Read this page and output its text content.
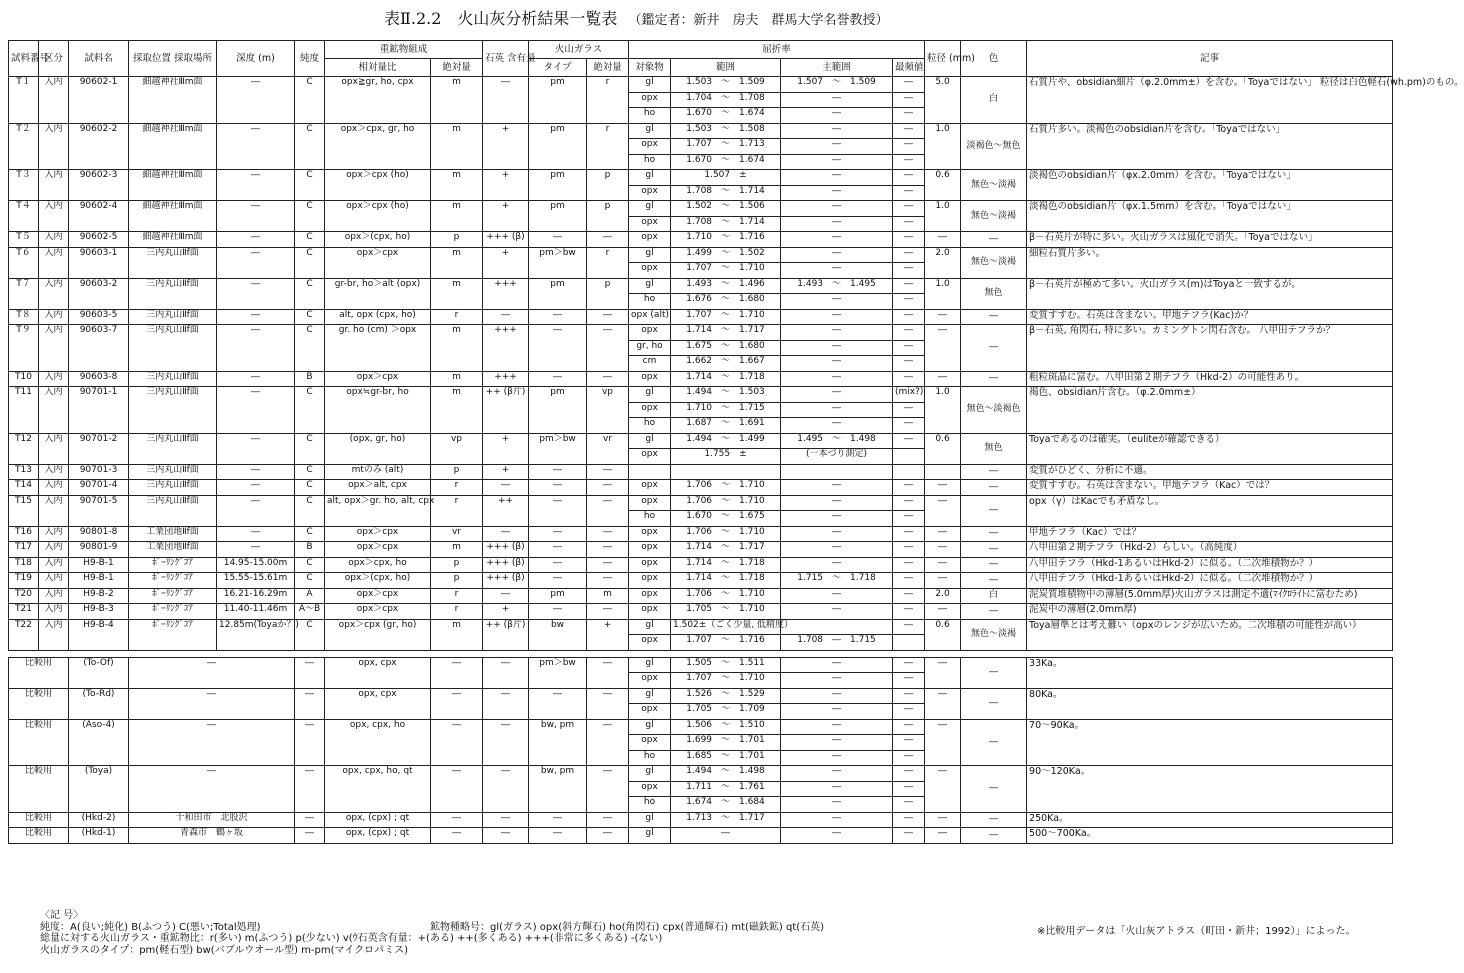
表Ⅱ.2.2　火山灰分析結果一覧表 （鑑定者：新井　房夫　群馬大学名誉教授）
試料番号	区分	試料名	採取位置 採取場所	深度 (m)	純度	重鉱物組成		石英 含有量	火山ガラス		屈折率				粒径 (mm)	色	記事
						相対量比	絶対量		タイプ	絶対量	対象物	範囲	主範囲	最頻値			
T１	入内	90602-1	細越神社Ⅲm面	―	C	opx≧gr, ho, cpx	m	―	pm	r	gl	1.503　～　1.509	1.507　～　1.509	―	5.0	白	石質片や、obsidian細片（φ.2.0mm±）を含む。「Toyaではない」 粒径は白色軽石(wh.pm)のもの。
											opx	1.704　～　1.708	―	―			
											ho	1.670　～　1.674	―	―			
T２	入内	90602-2	細越神社Ⅲm面	―	C	opx＞cpx, gr, ho	m	+	pm	r	gl	1.503　～　1.508	―	―	1.0	淡褐色～無色	石質片多い。淡褐色のobsidian片を含む。「Toyaではない」
											opx	1.707　～　1.713	―	―			
											ho	1.670　～　1.674	―	―			
T３	入内	90602-3	細越神社Ⅲm面	―	C	opx＞cpx (ho)	m	+	pm	p	gl	1.507　±	―	―	0.6	無色～淡褐	淡褐色のobsidian片（φx.2.0mm）を含む。「Toyaではない」
											opx	1.708　～　1.714	―	―			
T４	入内	90602-4	細越神社Ⅲm面	―	C	opx＞cpx (ho)	m	+	pm	p	gl	1.502　～　1.506	―	―	1.0	無色～淡褐	淡褐色のobsidian片（φx.1.5mm）を含む。「Toyaではない」
											opx	1.708　～　1.714	―	―			
T５	入内	90602-5	細越神社Ⅲm面	―	C	opx＞(cpx, ho)	p	+++ (β)	―	―	opx	1.710　～　1.716	―	―	―	―	β－石英片が特に多い。火山ガラスは風化で消失。「Toyaではない」
T６	入内	90603-1	三内丸山Ⅱf面	―	C	opx＞cpx	m	+	pm＞bw	r	gl	1.499　～　1.502	―	―	2.0	無色～淡褐	細粒石質片多い。
											opx	1.707　～　1.710	―	―			
T７	入内	90603-2	三内丸山Ⅱf面	―	C	gr-br, ho＞alt (opx)	m	+++	pm	p	gl	1.493　～　1.496	1.493　～　1.495	―	1.0	無色	β－石英片が極めて多い。火山ガラス(m)はToyaと一致するが。
											ho	1.676　～　1.680	―	―			
T８	入内	90603-5	三内丸山Ⅱf面	―	C	alt, opx (cpx, ho)	r	―	―	―	opx (alt)	1.707　～　1.710	―	―	―	―	変質すすむ。石英は含まない。甲地テフラ(Kac)か？
T９	入内	90603-7	三内丸山Ⅱf面	―	C	gr. ho (cm) ＞opx	m	+++	―	―	opx	1.714　～　1.717	―	―	―	―	β－石英, 角閃石, 特に多い。カミングトン閃石含む。 八甲田テフラか？
											gr, ho	1.675　～　1.680	―	―			
											cm	1.662　～　1.667	―	―			
T10	入内	90603-8	三内丸山Ⅱf面	―	B	opx＞cpx	m	+++	―	―	opx	1.714　～　1.718	―	―	―	―	粗粒斑晶に富む。八甲田第２期テフラ（Hkd-2）の可能性あり。
T11	入内	90701-1	三内丸山Ⅱf面	―	C	opx≒gr-br, ho	m	++ (β片)	pm	vp	gl	1.494　～　1.503	―	(mix?)	1.0	無色～淡褐色	褐色、obsidian片含む。（φ.2.0mm±）
											opx	1.710　～　1.715	―	―			
											ho	1.687　～　1.691	―	―			
T12	入内	90701-2	三内丸山Ⅱf面	―	C	(opx, gr, ho)	vp	+	pm＞bw	vr	gl	1.494　～　1.499	1.495　～　1.498	―	0.6	無色	Toyaであるのは確実。（euliteが確認できる）
											opx	1.755　±	(一本づり測定)				
T13	入内	90701-3	三内丸山Ⅱf面	―	C	mtのみ (alt)	p	+	―	―						―	変質がひどく、分析に不適。
T14	入内	90701-4	三内丸山Ⅱf面	―	C	opx＞alt, cpx	r	―	―	―	opx	1.706　～　1.710	―	―	―	―	変質すすむ。石英は含まない。甲地テフラ（Kac）では？
T15	入内	90701-5	三内丸山Ⅱf面	―	C	alt, opx＞gr. ho, alt, cpx	r	++	―	―	opx	1.706　～　1.710	―	―	―	―	opx（γ）はKacでも矛盾なし。
											ho	1.670　～　1.675	―	―			
T16	入内	90801-8	工業団地Ⅱf面	―	C	opx＞cpx	vr	―	―	―	opx	1.706　～　1.710	―	―	―	―	甲地テフラ（Kac）では？
T17	入内	90801-9	工業団地Ⅱf面	―	B	opx＞cpx	m	+++ (β)	―	―	opx	1.714　～　1.717	―	―	―	―	八甲田第２期テフラ（Hkd-2）らしい。（高純度）
T18	入内	H9-B-1	ﾎﾞｰﾘﾝｸﾞｺｱ	14.95-15.00m	C	opx＞cpx, ho	p	+++ (β)	―	―	opx	1.714　～　1.718	―	―	―	―	八甲田テフラ（Hkd-1あるいはHkd-2）に似る。（二次堆積物か？）
T19	入内	H9-B-1	ﾎﾞｰﾘﾝｸﾞｺｱ	15.55-15.61m	C	opx＞(cpx, ho)	p	+++ (β)	―	―	opx	1.714　～　1.718	1.715　～　1.718	―	―	―	八甲田テフラ（Hkd-1あるいはHkd-2）に似る。（二次堆積物か？）
T20	入内	H9-B-2	ﾎﾞｰﾘﾝｸﾞｺｱ	16.21-16.29m	A	opx＞cpx	r	―	pm	m	opx	1.706　～　1.710	―	―	2.0	白	泥炭質堆積物中の薄層(5.0mm厚)火山ガラスは測定不適(ﾏｲｸﾛﾗｲﾄに富むため)
T21	入内	H9-B-3	ﾎﾞｰﾘﾝｸﾞｺｱ	11.40-11.46m	A～B	opx＞cpx	r	+	―	―	opx	1.705　～　1.710	―	―	―	―	泥炭中の薄層(2.0mm厚)
T22	入内	H9-B-4	ﾎﾞｰﾘﾝｸﾞｺｱ	12.85m(Toyaか？)	C	opx＞cpx (gr, ho)	m	++ (β片)	bw	+	gl	1.502±（ごく少量, 低精度）		―	0.6	無色～淡褐	Toya層準とは考え難い（opxのレンジが広いため。二次堆積の可能性が高い）
											opx	1.707　～　1.716	1.708　―　1.715				

比較用		(To-Of)	―		―	opx, cpx	―	―	pm＞bw	―	gl	1.505　～　1.511	―	―	―	―	33Ka。
											opx	1.707　～　1.710	―	―			
比較用		(To-Rd)	―		―	opx, cpx	―	―	―	―	gl	1.526　～　1.529	―	―	―	―	80Ka。
											opx	1.705　～　1.709	―	―			
比較用		(Aso-4)	―		―	opx, cpx, ho	―	―	bw, pm	―	gl	1.506　～　1.510	―	―	―	―	70～90Ka。
											opx	1.699　～　1.701	―	―			
											ho	1.685　～　1.701	―	―			
比較用		(Toya)	―		―	opx, cpx, ho, qt	―	―	bw, pm	―	gl	1.494　～　1.498	―	―	―	―	90～120Ka。
											opx	1.711　～　1.761	―	―			
											ho	1.674　～　1.684	―	―			
比較用		(Hkd-2)	十和田市　北股沢		―	opx, (cpx) ; qt	―	―	―	―	gl	1.713　～　1.717	―	―	―	―	250Ka。
比較用		(Hkd-1)	青森市　鶴ヶ坂		―	opx, (cpx) ; qt	―	―	―	―	gl	―	―	―	―	―	500～700Ka。
〈記 号〉
純度：A(良い;純化) B(ふつう) C(悪い;Total処理)	鉱物種略号：gl(ガラス) opx(斜方輝石) ho(角閃石) cpx(普通輝石) mt(磁鉄鉱) qt(石英)
総量に対する火山ガラス・重鉱物比：r(多い) m(ふつう) p(少ない) v(ｳ石英含有量：+(ある) ++(多くある) +++(非常に多くある) -(ない)
火山ガラスのタイプ：pm(軽石型) bw(バブルウオール型) m-pm(マイクロパミス)
※比較用データは「火山灰アトラス（町田・新井；1992）」によった。
